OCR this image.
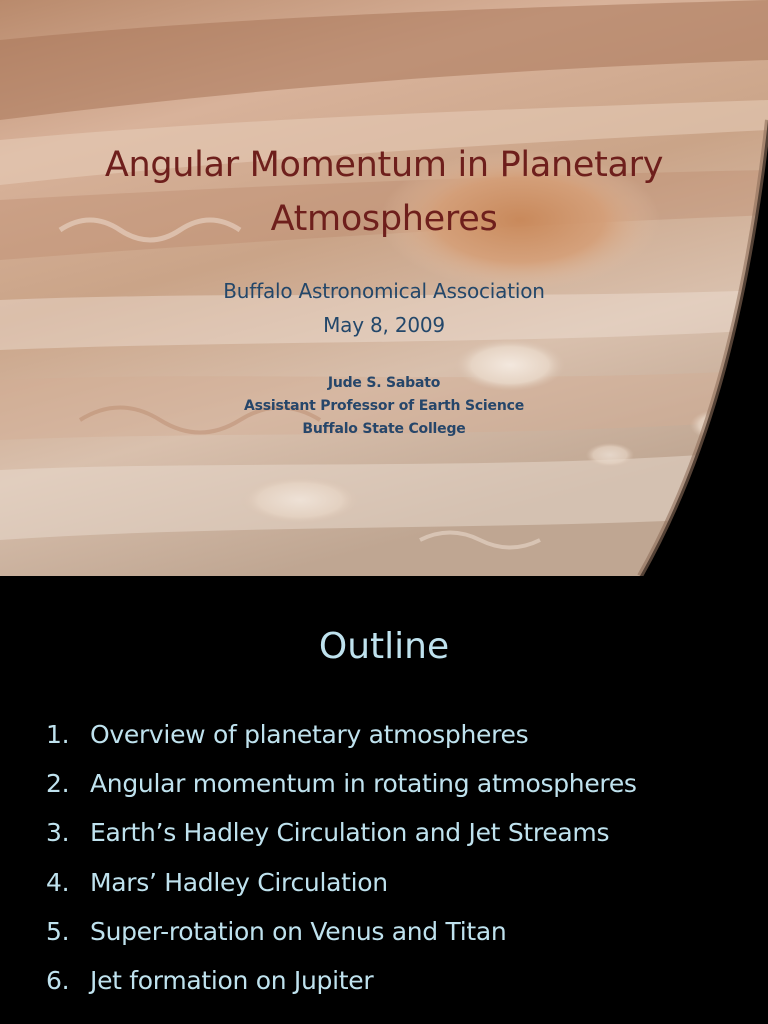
Angular Momentum in Planetary
Atmospheres
Buffalo Astronomical Association
May 8, 2009
Jude S. Sabato
Assistant Professor of Earth Science
Buffalo State College
Outline
1. Overview of planetary atmospheres
2. Angular momentum in rotating atmospheres
3. Earth’s Hadley Circulation and Jet Streams
4. Mars’ Hadley Circulation
5. Super-rotation on Venus and Titan
6. Jet formation on Jupiter
